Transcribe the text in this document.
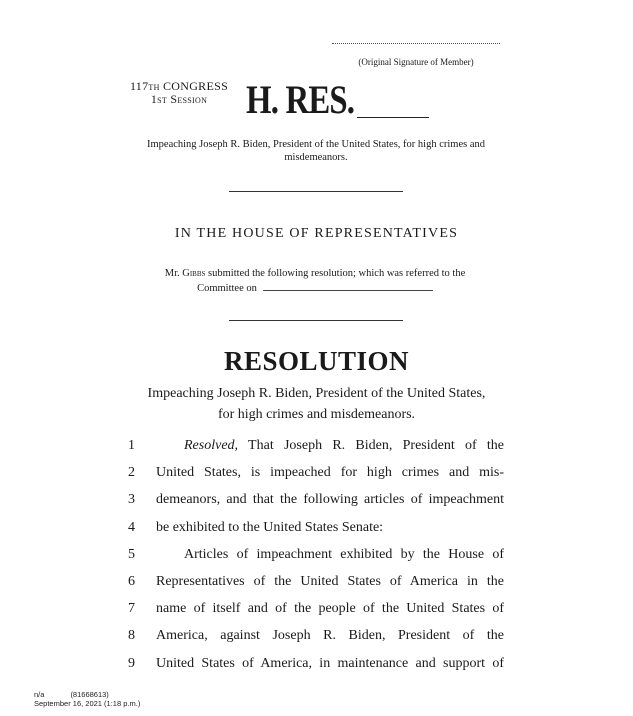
(Original Signature of Member)
117th CONGRESS
1st Session H. RES.
Impeaching Joseph R. Biden, President of the United States, for high crimes and misdemeanors.
IN THE HOUSE OF REPRESENTATIVES
Mr. Gibbs submitted the following resolution; which was referred to the
Committee on
RESOLUTION
Impeaching Joseph R. Biden, President of the United States,
for high crimes and misdemeanors.
1	Resolved, That Joseph R. Biden, President of the
2	United States, is impeached for high crimes and mis-
3	demeanors, and that the following articles of impeachment
4	be exhibited to the United States Senate:
5	Articles of impeachment exhibited by the House of
6	Representatives of the United States of America in the
7	name of itself and of the people of the United States of
8	America, against Joseph R. Biden, President of the
9	United States of America, in maintenance and support of
n/a	(81668613)
September 16, 2021 (1:18 p.m.)
